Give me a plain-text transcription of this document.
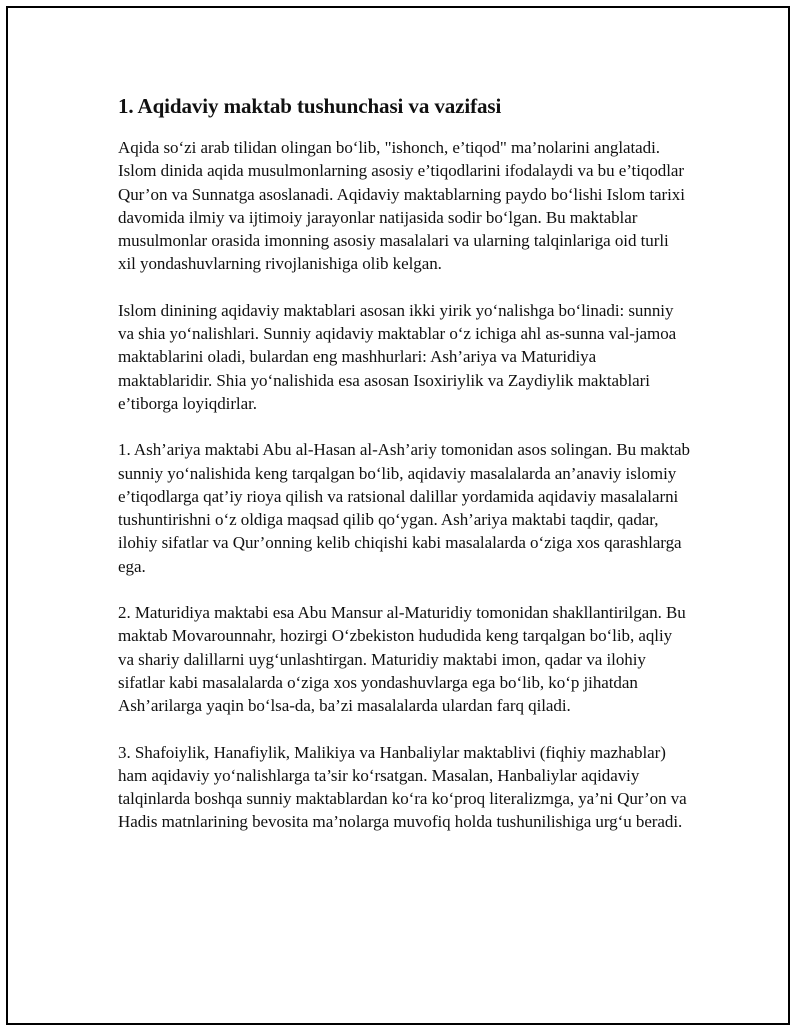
1. Aqidaviy maktab tushunchasi va vazifasi

Aqida so‘zi arab tilidan olingan bo‘lib, "ishonch, e’tiqod" ma’nolarini anglatadi. Islom dinida aqida musulmonlarning asosiy e’tiqodlarini ifodalaydi va bu e’tiqodlar Qur’on va Sunnatga asoslanadi. Aqidaviy maktablarning paydo bo‘lishi Islom tarixi davomida ilmiy va ijtimoiy jarayonlar natijasida sodir bo‘lgan. Bu maktablar musulmonlar orasida imonning asosiy masalalari va ularning talqinlariga oid turli xil yondashuvlarning rivojlanishiga olib kelgan.

Islom dinining aqidaviy maktablari asosan ikki yirik yo‘nalishga bo‘linadi: sunniy va shia yo‘nalishlari. Sunniy aqidaviy maktablar o‘z ichiga ahl as-sunna val-jamoa maktablarini oladi, bulardan eng mashhurlari: Ash’ariya va Maturidiya maktablaridir. Shia yo‘nalishida esa asosan Isoxiriylik va Zaydiylik maktablari e’tiborga loyiqdirlar.

1. Ash’ariya maktabi Abu al-Hasan al-Ash’ariy tomonidan asos solingan. Bu maktab sunniy yo‘nalishida keng tarqalgan bo‘lib, aqidaviy masalalarda an’anaviy islomiy e’tiqodlarga qat’iy rioya qilish va ratsional dalillar yordamida aqidaviy masalalarni tushuntirishni o‘z oldiga maqsad qilib qo‘ygan. Ash’ariya maktabi taqdir, qadar, ilohiy sifatlar va Qur’onning kelib chiqishi kabi masalalarda o‘ziga xos qarashlarga ega.

2. Maturidiya maktabi esa Abu Mansur al-Maturidiy tomonidan shakllantirilgan. Bu maktab Movarounnahr, hozirgi O‘zbekiston hududida keng tarqalgan bo‘lib, aqliy va shariy dalillarni uyg‘unlashtirgan. Maturidiy maktabi imon, qadar va ilohiy sifatlar kabi masalalarda o‘ziga xos yondashuvlarga ega bo‘lib, ko‘p jihatdan Ash’arilarga yaqin bo‘lsa-da, ba’zi masalalarda ulardan farq qiladi.

3. Shafoiylik, Hanafiylik, Malikiya va Hanbaliylar maktablivi (fiqhiy mazhablar) ham aqidaviy yo‘nalishlarga ta’sir ko‘rsatgan. Masalan, Hanbaliylar aqidaviy talqinlarda boshqa sunniy maktablardan ko‘ra ko‘proq literalizmga, ya’ni Qur’on va Hadis matnlarining bevosita ma’nolarga muvofiq holda tushunilishiga urg‘u beradi.
